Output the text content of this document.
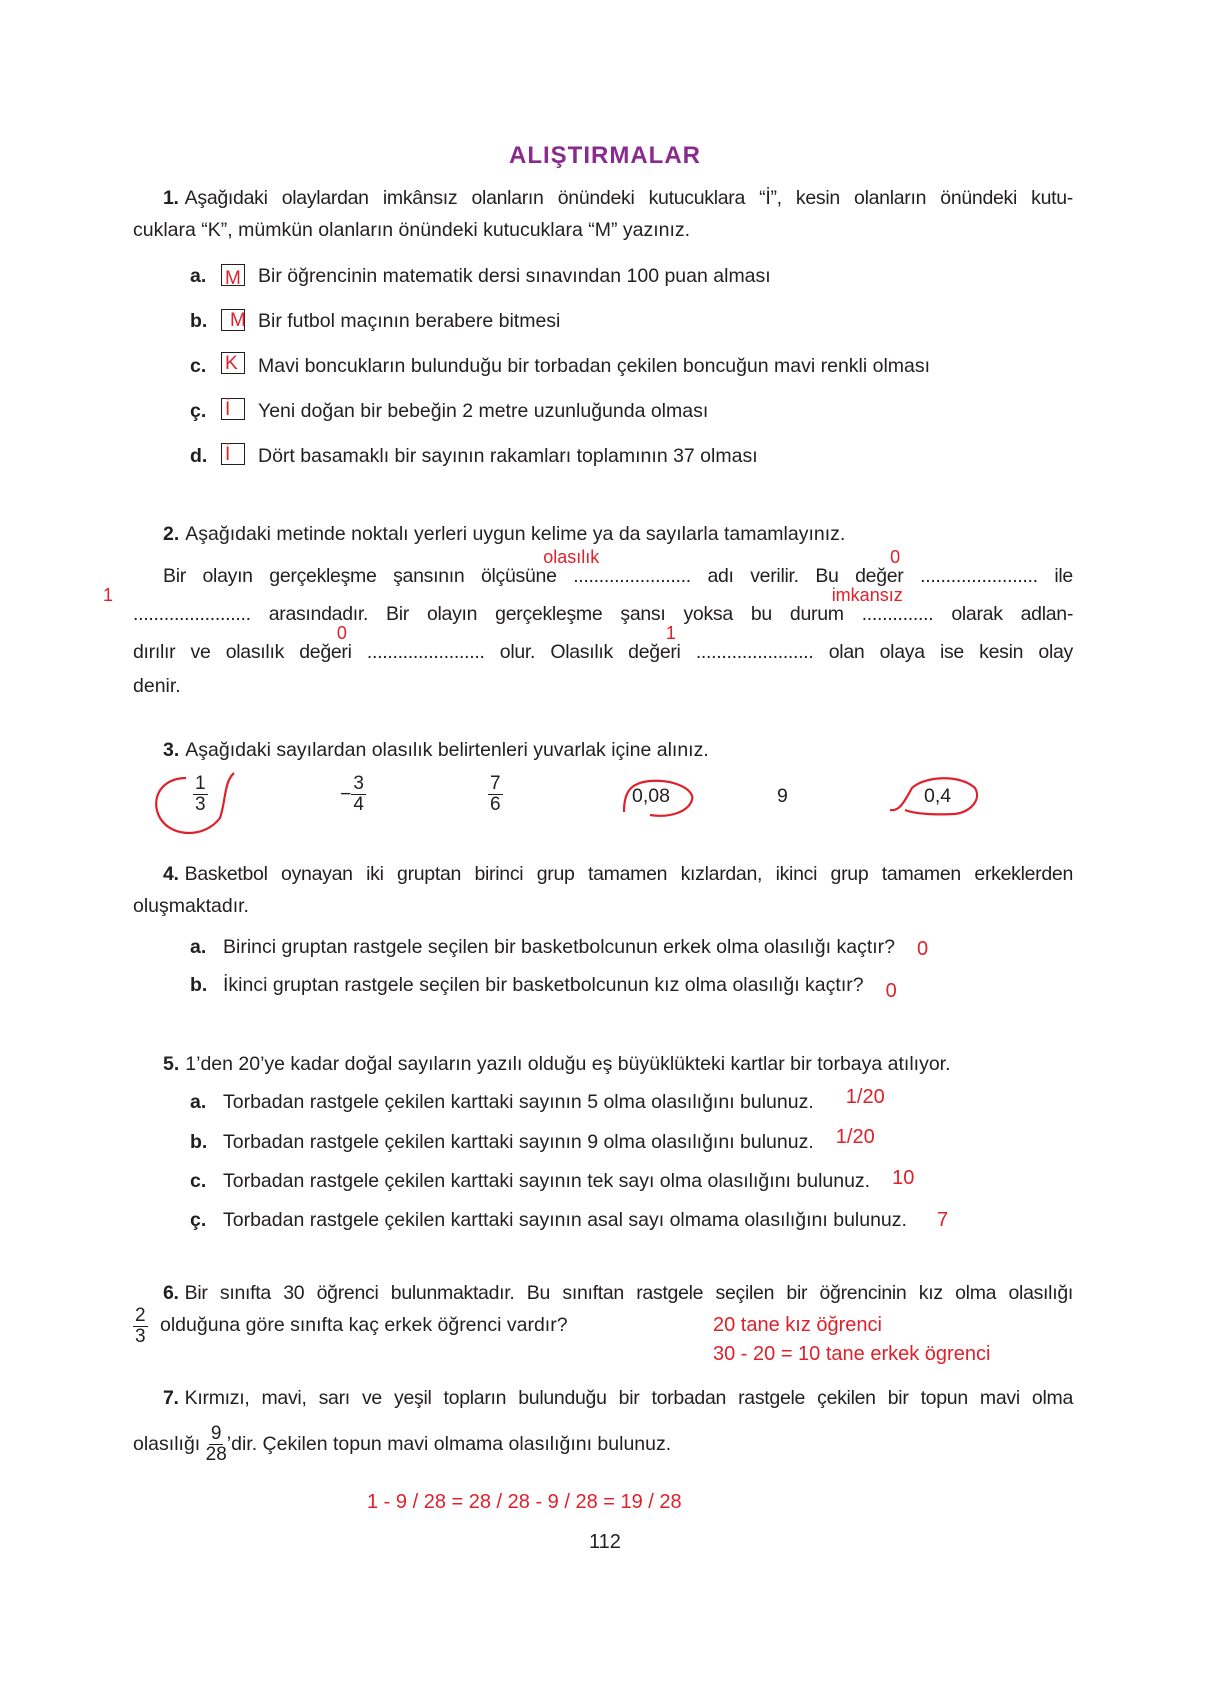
ALIŞTIRMALAR
1. Aşağıdaki olaylardan imkânsız olanların önündeki kutucuklara “İ”, kesin olanların önündeki kutu-
cuklara “K”, mümkün olanların önündeki kutucuklara “M” yazınız.
a. M Bir öğrencinin matematik dersi sınavından 100 puan alması
b. M Bir futbol maçının berabere bitmesi
c. K Mavi boncukların bulunduğu bir torbadan çekilen boncuğun mavi renkli olması
ç. İ Yeni doğan bir bebeğin 2 metre uzunluğunda olması
d. İ Dört basamaklı bir sayının rakamları toplamının 37 olması
2. Aşağıdaki metinde noktalı yerleri uygun kelime ya da sayılarla tamamlayınız.
Bir olayın gerçekleşme şansının ölçüsüne .......................
olasılık
adı verilir. Bu değer .......................
0
ile
.......................
1
arasındadır. Bir olayın gerçekleşme şansı yoksa bu durum ..............
imkansız
olarak adlan-
dırılır ve olasılık değeri .......................
0
olur. Olasılık değeri .......................
1
olan olaya ise kesin olay
denir.
3. Aşağıdaki sayılardan olasılık belirtenleri yuvarlak içine alınız.
$\frac{1}{3}$	− $\frac{3}{4}$	$\frac{7}{6}$	0,08	9	0,4
4. Basketbol oynayan iki gruptan birinci grup tamamen kızlardan, ikinci grup tamamen erkeklerden
oluşmaktadır.
a. Birinci gruptan rastgele seçilen bir basketbolcunun erkek olma olasılığı kaçtır? 0
b. İkinci gruptan rastgele seçilen bir basketbolcunun kız olma olasılığı kaçtır? 0
5. 1’den 20’ye kadar doğal sayıların yazılı olduğu eş büyüklükteki kartlar bir torbaya atılıyor.
a. Torbadan rastgele çekilen karttaki sayının 5 olma olasılığını bulunuz. 1/20
b. Torbadan rastgele çekilen karttaki sayının 9 olma olasılığını bulunuz. 1/20
c. Torbadan rastgele çekilen karttaki sayının tek sayı olma olasılığını bulunuz. 10
ç. Torbadan rastgele çekilen karttaki sayının asal sayı olmama olasılığını bulunuz. 7
6. Bir sınıfta 30 öğrenci bulunmaktadır. Bu sınıftan rastgele seçilen bir öğrencinin kız olma olasılığı
$\frac{2}{3}$ olduğuna göre sınıfta kaç erkek öğrenci vardır?	20 tane kız öğrenci
30 - 20 = 10 tane erkek ögrenci
7. Kırmızı, mavi, sarı ve yeşil topların bulunduğu bir torbadan rastgele çekilen bir topun mavi olma
olasılığı $\frac{9}{28}$ ’dir. Çekilen topun mavi olmama olasılığını bulunuz.
1 - 9 / 28 = 28 / 28 - 9 / 28 = 19 / 28
112
